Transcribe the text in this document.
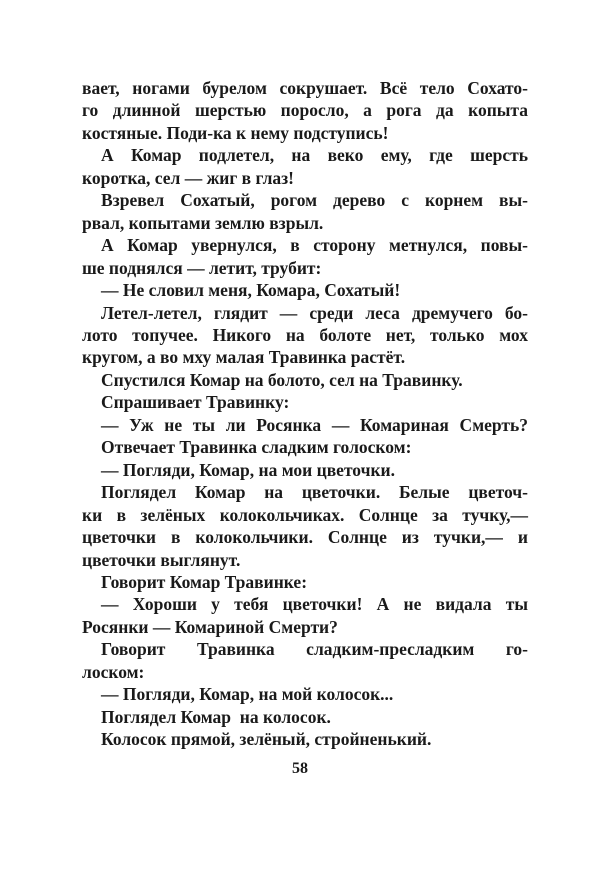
вает, ногами бурелом сокрушает. Всё тело Сохато-
го длинной шерстью поросло, а рога да копыта
костяные. Поди-ка к нему подступись!
А Комар подлетел, на веко ему, где шерсть
коротка, сел — жиг в глаз!
Взревел Сохатый, рогом дерево с корнем вы-
рвал, копытами землю взрыл.
А Комар увернулся, в сторону метнулся, повы-
ше поднялся — летит, трубит:
— Не словил меня, Комара, Сохатый!
Летел-летел, глядит — среди леса дремучего бо-
лото топучее. Никого на болоте нет, только мох
кругом, а во мху малая Травинка растёт.
Спустился Комар на болото, сел на Травинку.
Спрашивает Травинку:
— Уж не ты ли Росянка — Комариная Смерть?
Отвечает Травинка сладким голоском:
— Погляди, Комар, на мои цветочки.
Поглядел Комар на цветочки. Белые цветоч-
ки в зелёных колокольчиках. Солнце за тучку,—
цветочки в колокольчики. Солнце из тучки,— и
цветочки выглянут.
Говорит Комар Травинке:
— Хороши у тебя цветочки! А не видала ты
Росянки — Комариной Смерти?
Говорит Травинка сладким-пресладким го-
лоском:
— Погляди, Комар, на мой колосок...
Поглядел Комар  на колосок.
Колосок прямой, зелёный, стройненький.
58
